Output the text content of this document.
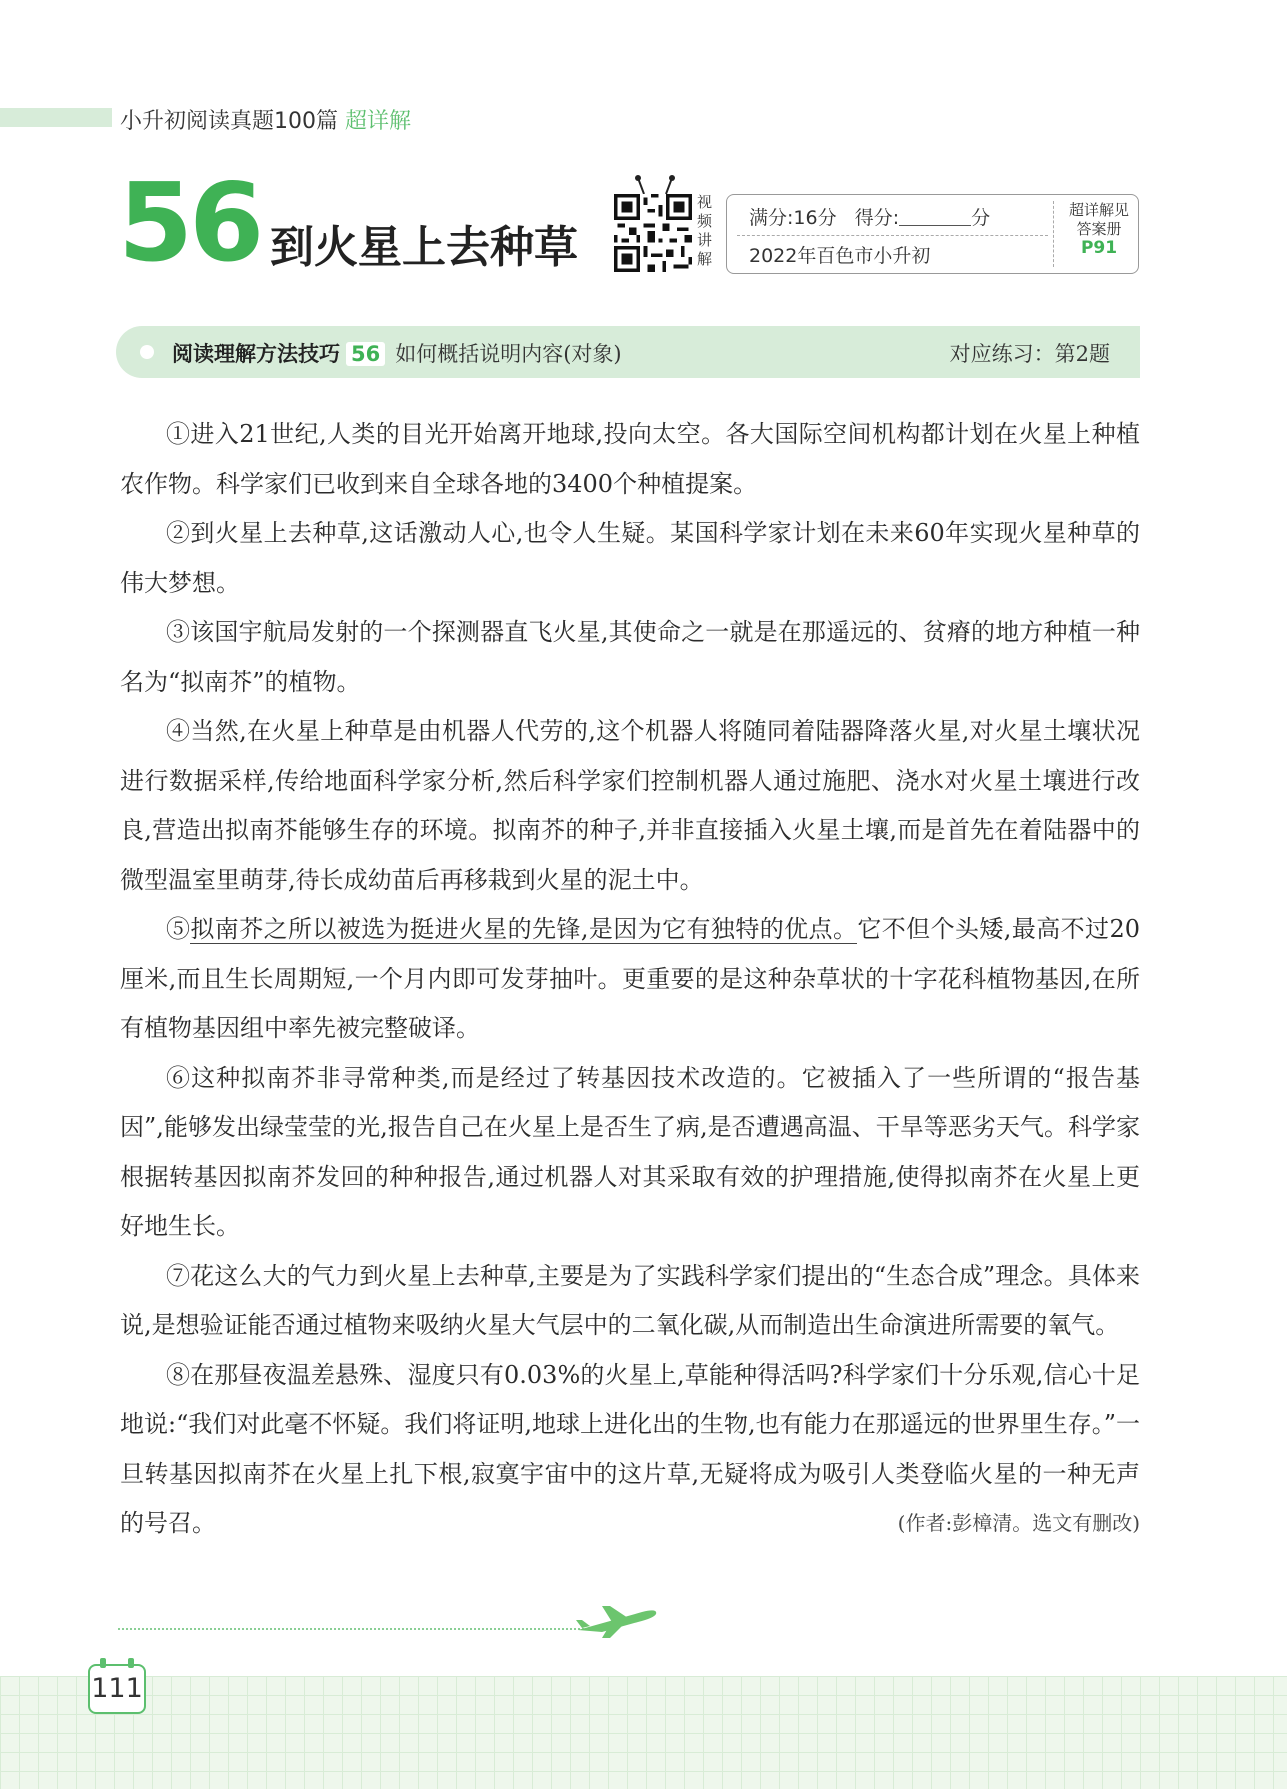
小升初阅读真题100篇 超详解
56 到火星上去种草
视频讲解
满分:16分 得分:	分
2022年百色市小升初
超详解见
答案册
P91
阅读理解方法技巧 56 如何概括说明内容(对象)	对应练习：第2题

①进入21世纪,人类的目光开始离开地球,投向太空。各大国际空间机构都计划在火星上种植农作物。科学家们已收到来自全球各地的3400个种植提案。

②到火星上去种草,这话激动人心,也令人生疑。某国科学家计划在未来60年实现火星种草的伟大梦想。

③该国宇航局发射的一个探测器直飞火星,其使命之一就是在那遥远的、贫瘠的地方种植一种名为“拟南芥”的植物。

④当然,在火星上种草是由机器人代劳的,这个机器人将随同着陆器降落火星,对火星土壤状况进行数据采样,传给地面科学家分析,然后科学家们控制机器人通过施肥、浇水对火星土壤进行改良,营造出拟南芥能够生存的环境。拟南芥的种子,并非直接插入火星土壤,而是首先在着陆器中的微型温室里萌芽,待长成幼苗后再移栽到火星的泥土中。

⑤拟南芥之所以被选为挺进火星的先锋,是因为它有独特的优点。它不但个头矮,最高不过20厘米,而且生长周期短,一个月内即可发芽抽叶。更重要的是这种杂草状的十字花科植物基因,在所有植物基因组中率先被完整破译。

⑥这种拟南芥非寻常种类,而是经过了转基因技术改造的。它被插入了一些所谓的“报告基因”,能够发出绿莹莹的光,报告自己在火星上是否生了病,是否遭遇高温、干旱等恶劣天气。科学家根据转基因拟南芥发回的种种报告,通过机器人对其采取有效的护理措施,使得拟南芥在火星上更好地生长。

⑦花这么大的气力到火星上去种草,主要是为了实践科学家们提出的“生态合成”理念。具体来说,是想验证能否通过植物来吸纳火星大气层中的二氧化碳,从而制造出生命演进所需要的氧气。

⑧在那昼夜温差悬殊、湿度只有0.03%的火星上,草能种得活吗?科学家们十分乐观,信心十足地说:“我们对此毫不怀疑。我们将证明,地球上进化出的生物,也有能力在那遥远的世界里生存。”一旦转基因拟南芥在火星上扎下根,寂寞宇宙中的这片草,无疑将成为吸引人类登临火星的一种无声的号召。	(作者:彭樟清。选文有删改)

111
